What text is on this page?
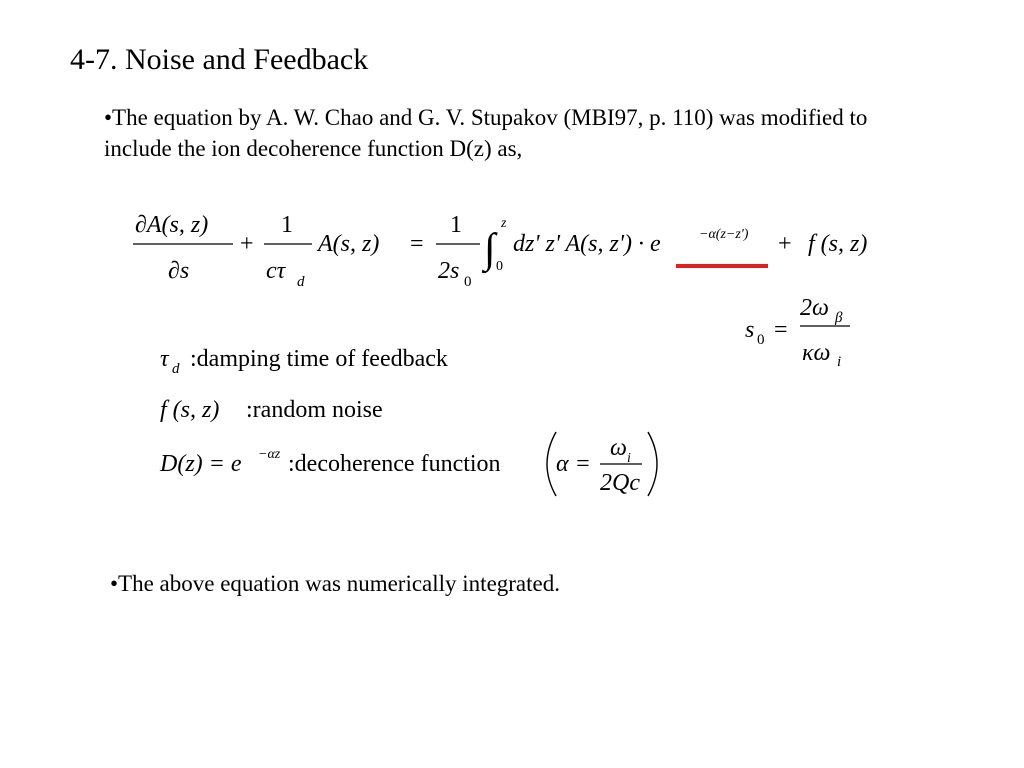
4-7. Noise and Feedback
•The equation by A. W. Chao and G. V. Stupakov (MBI97, p. 110) was modified to include the ion decoherence function D(z) as,
∂A(s, z)
∂s
+
1
cτ d
A(s, z) =
1
2s 0
∫
z
0
dz' z' A(s, z') · e	−α(z−z') + f (s, z)
s 0 =
2ω β
κω i
τ d :damping time of feedback
f (s, z) :random noise
D(z) = e −αz :decoherence function α =
ω i
2Qc
•The above equation was numerically integrated.
